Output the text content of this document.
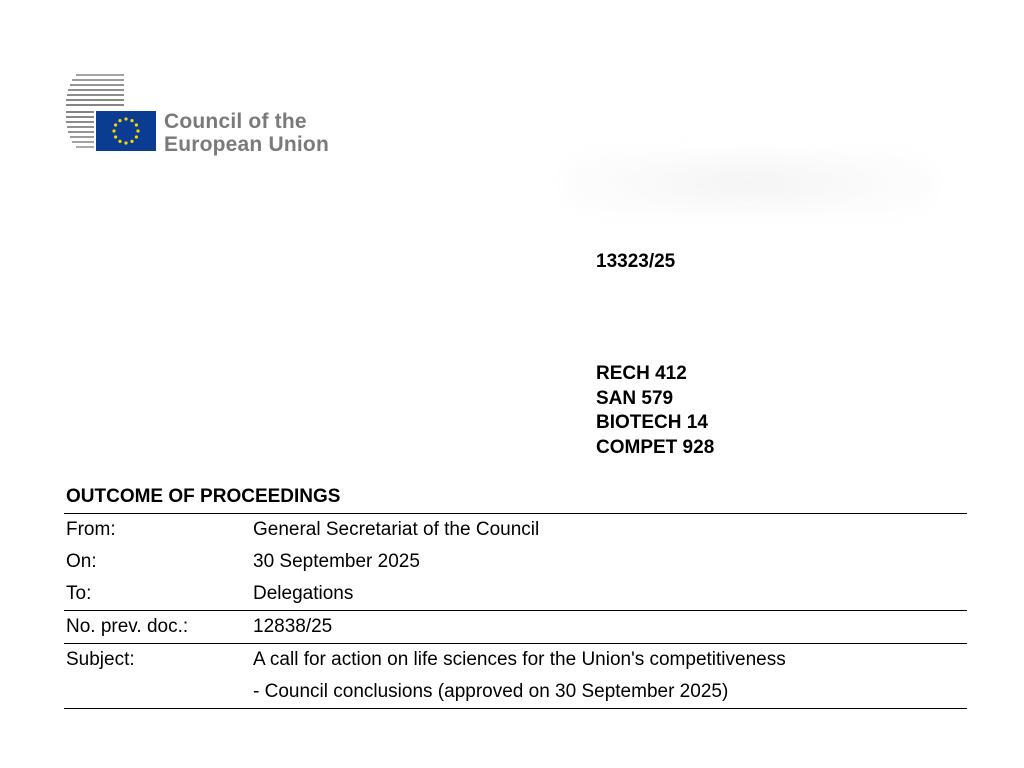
Council of the
European Union
13323/25
RECH 412
SAN 579
BIOTECH 14
COMPET 928
OUTCOME OF PROCEEDINGS
From:	General Secretariat of the Council
On:	30 September 2025
To:	Delegations
No. prev. doc.:	12838/25
Subject:	A call for action on life sciences for the Union's competitiveness
- Council conclusions (approved on 30 September 2025)
